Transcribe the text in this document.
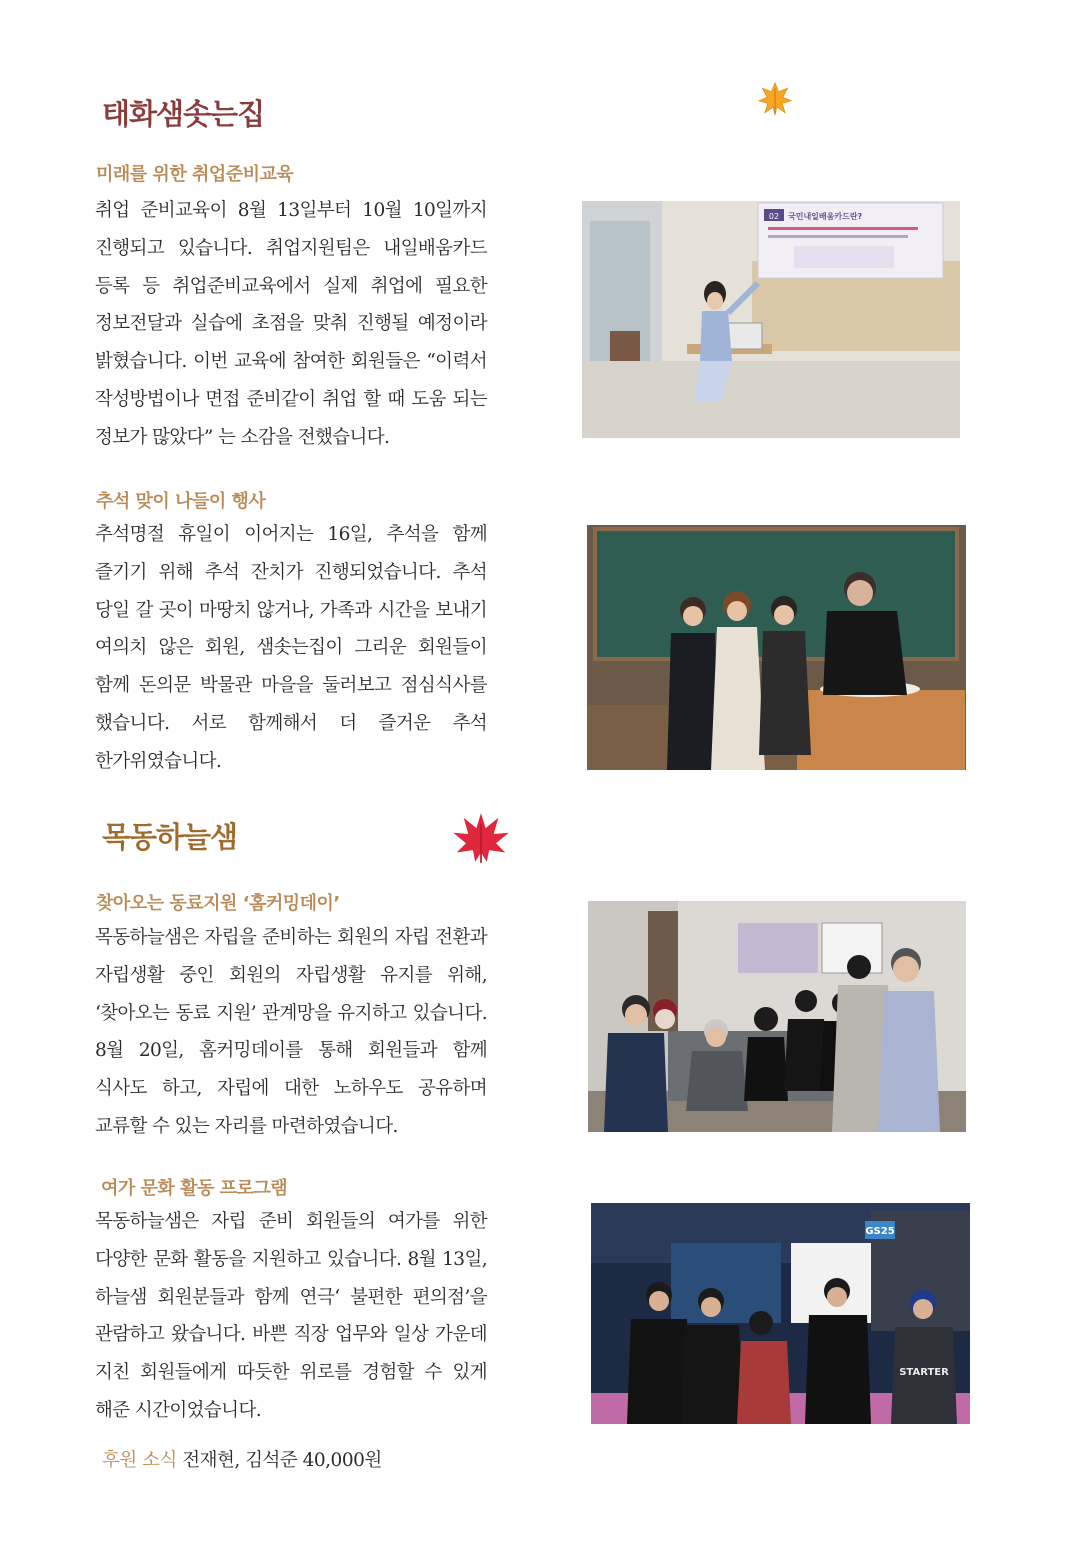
태화샘솟는집
미래를 위한 취업준비교육

취업 준비교육이 8월 13일부터 10월 10일까지 진행되고 있습니다. 취업지원팀은 내일배움카드 등록 등 취업준비교육에서 실제 취업에 필요한 정보전달과 실습에 초점을 맞춰 진행될 예정이라 밝혔습니다. 이번 교육에 참여한 회원들은 “이력서 작성방법이나 면접 준비같이 취업 할 때 도움 되는 정보가 많았다” 는 소감을 전했습니다.

02 국민내일배움카드란?
추석 맞이 나들이 행사

추석명절 휴일이 이어지는 16일, 추석을 함께 즐기기 위해 추석 잔치가 진행되었습니다. 추석 당일 갈 곳이 마땅치 않거나, 가족과 시간을 보내기 여의치 않은 회원, 샘솟는집이 그리운 회원들이 함께 돈의문 박물관 마을을 둘러보고 점심식사를 했습니다. 서로 함께해서 더 즐거운 추석 한가위였습니다.

목동하늘샘
찾아오는 동료지원 ‘홈커밍데이’

목동하늘샘은 자립을 준비하는 회원의 자립 전환과 자립생활 중인 회원의 자립생활 유지를 위해, ‘찾아오는 동료 지원’ 관계망을 유지하고 있습니다. 8월 20일, 홈커밍데이를 통해 회원들과 함께 식사도 하고, 자립에 대한 노하우도 공유하며 교류할 수 있는 자리를 마련하였습니다.

여가 문화 활동 프로그램

목동하늘샘은 자립 준비 회원들의 여가를 위한 다양한 문화 활동을 지원하고 있습니다. 8월 13일, 하늘샘 회원분들과 함께 연극‘ 불편한 편의점’을 관람하고 왔습니다. 바쁜 직장 업무와 일상 가운데 지친 회원들에게 따듯한 위로를 경험할 수 있게 해준 시간이었습니다.

GS25
STARTER

후원 소식 전재현, 김석준 40,000원
